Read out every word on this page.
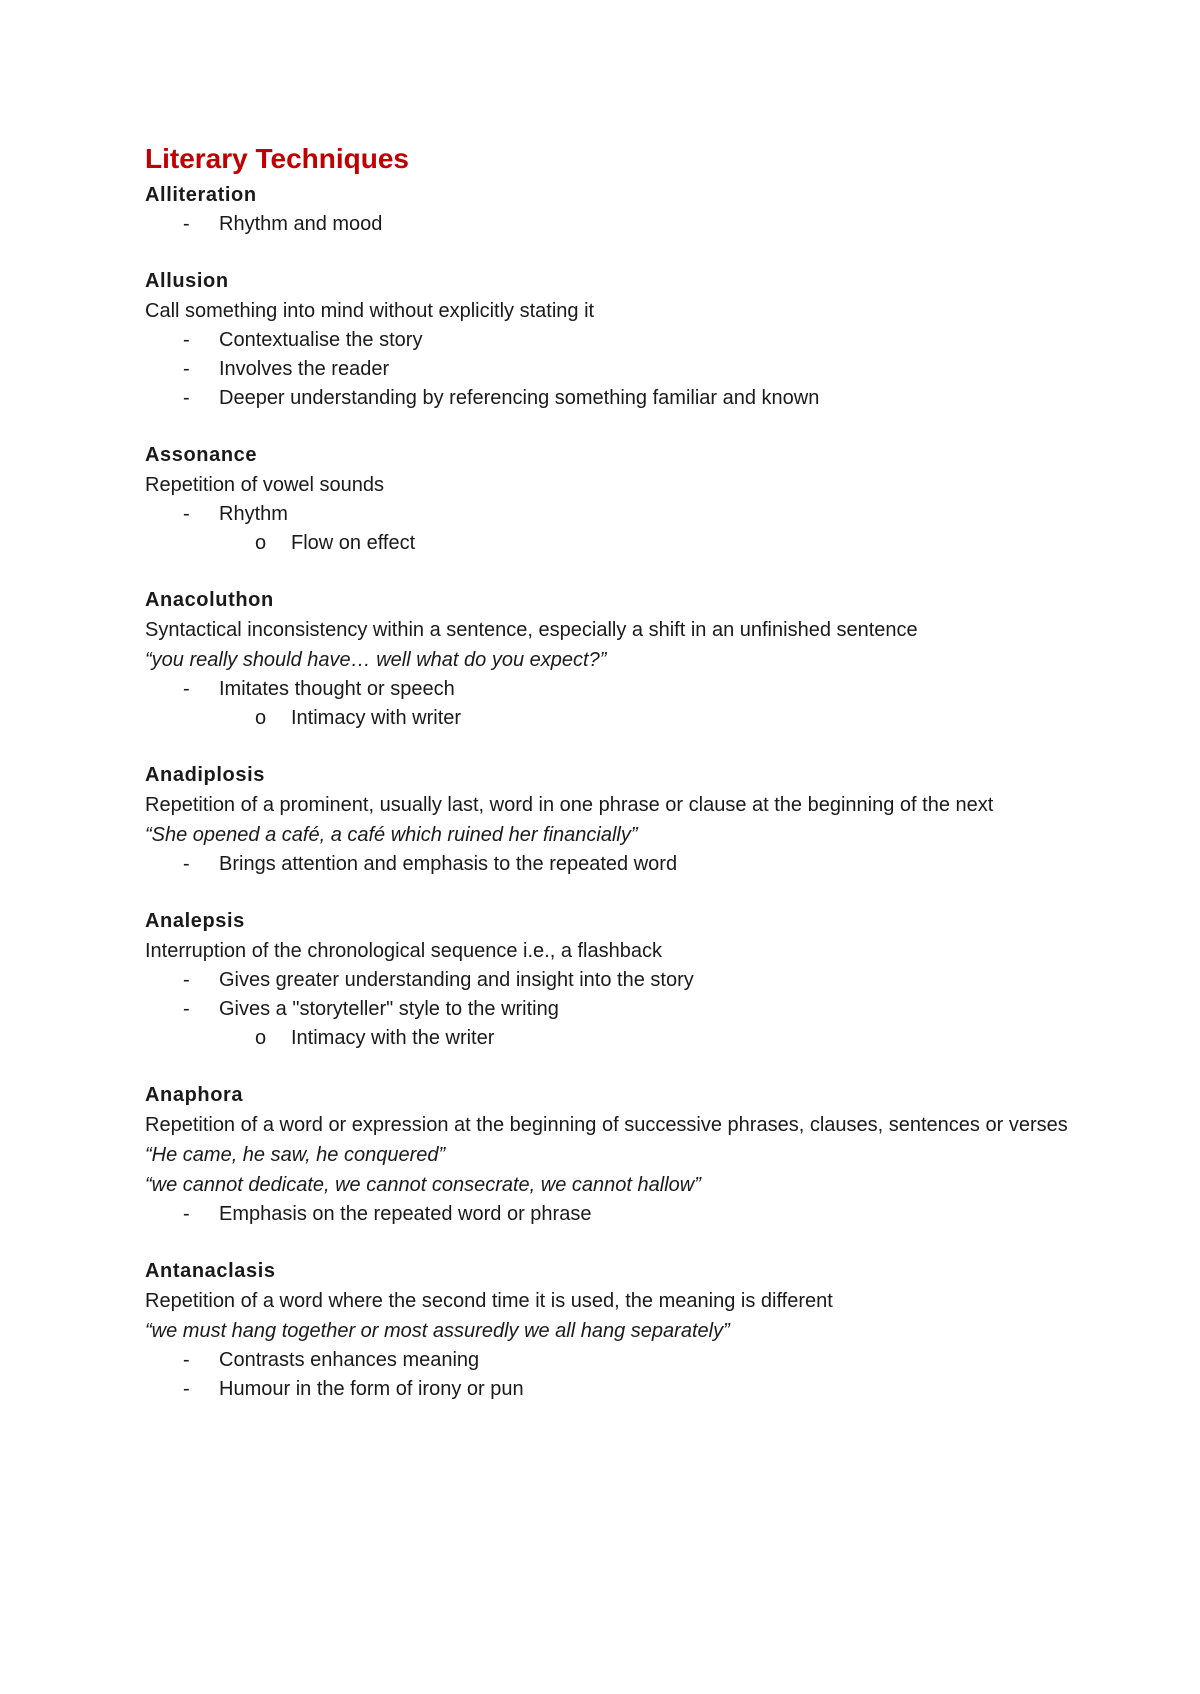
Literary Techniques
Alliteration
- Rhythm and mood
Allusion
Call something into mind without explicitly stating it
- Contextualise the story
- Involves the reader
- Deeper understanding by referencing something familiar and known
Assonance
Repetition of vowel sounds
- Rhythm
o Flow on effect
Anacoluthon
Syntactical inconsistency within a sentence, especially a shift in an unfinished sentence
“you really should have… well what do you expect?”
- Imitates thought or speech
o Intimacy with writer
Anadiplosis
Repetition of a prominent, usually last, word in one phrase or clause at the beginning of the next
“She opened a café, a café which ruined her financially”
- Brings attention and emphasis to the repeated word
Analepsis
Interruption of the chronological sequence i.e., a flashback
- Gives greater understanding and insight into the story
- Gives a "storyteller" style to the writing
o Intimacy with the writer
Anaphora
Repetition of a word or expression at the beginning of successive phrases, clauses, sentences or verses
“He came, he saw, he conquered”
“we cannot dedicate, we cannot consecrate, we cannot hallow”
- Emphasis on the repeated word or phrase
Antanaclasis
Repetition of a word where the second time it is used, the meaning is different
“we must hang together or most assuredly we all hang separately”
- Contrasts enhances meaning
- Humour in the form of irony or pun
